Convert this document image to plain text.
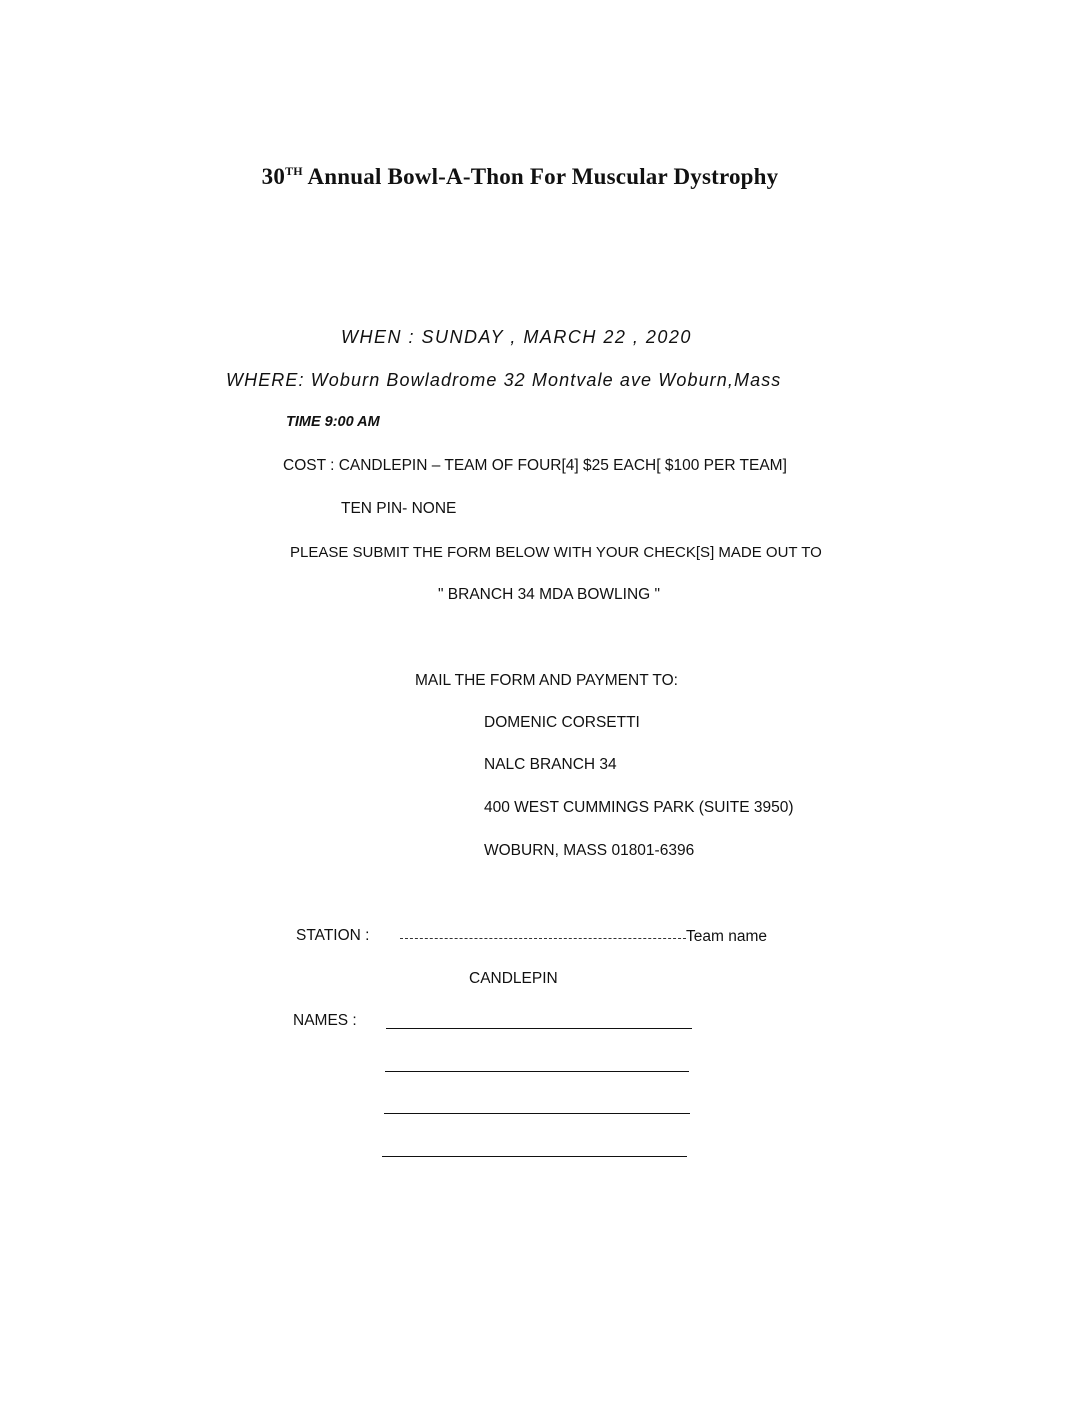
30TH Annual Bowl-A-Thon For Muscular Dystrophy
WHEN : SUNDAY , MARCH 22 , 2020
WHERE: Woburn Bowladrome 32 Montvale ave Woburn,Mass
TIME 9:00 AM
COST : CANDLEPIN – TEAM OF FOUR[4] $25 EACH[ $100 PER TEAM]
TEN PIN- NONE
PLEASE SUBMIT THE FORM BELOW WITH YOUR CHECK[S] MADE OUT TO
" BRANCH 34 MDA BOWLING "
MAIL THE FORM AND PAYMENT TO:
DOMENIC CORSETTI
NALC BRANCH 34
400 WEST CUMMINGS PARK (SUITE 3950)
WOBURN, MASS 01801-6396
STATION :	Team name
CANDLEPIN
NAMES :
